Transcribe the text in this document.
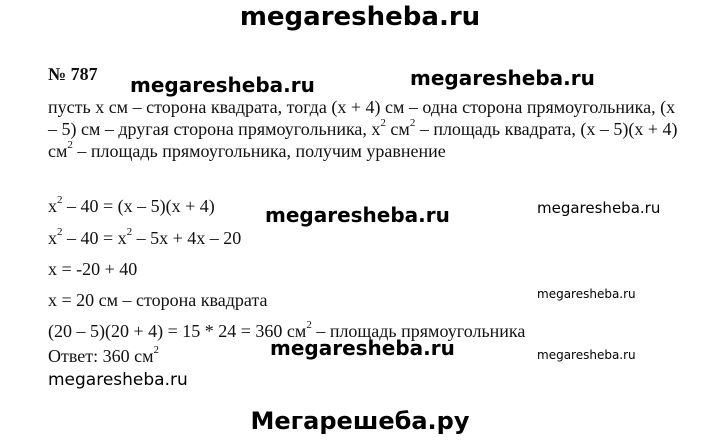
megaresheba.ru
№ 787 megaresheba.ru	megaresheba.ru
пусть х см – сторона квадрата, тогда (х + 4) см – одна сторона прямоугольника, (х – 5) см – другая сторона прямоугольника, $х^2$ $см^2$ – площадь квадрата, (х – 5)(х + 4) $см^2$ – площадь прямоугольника, получим уравнение
$х^2 - 40 = (х - 5)(х + 4)$	megaresheba.ru	megaresheba.ru
$х^2 - 40 = х^2 - 5х + 4х - 20$
х = -20 + 40
х = 20 см – сторона квадрата	megaresheba.ru
(20 – 5)(20 + 4) = 15 * 24 = 360 $см^2$ – площадь прямоугольника
megaresheba.ru	megaresheba.ru
Ответ: 360 $см^2$
megaresheba.ru
Мегарешеба.ру
